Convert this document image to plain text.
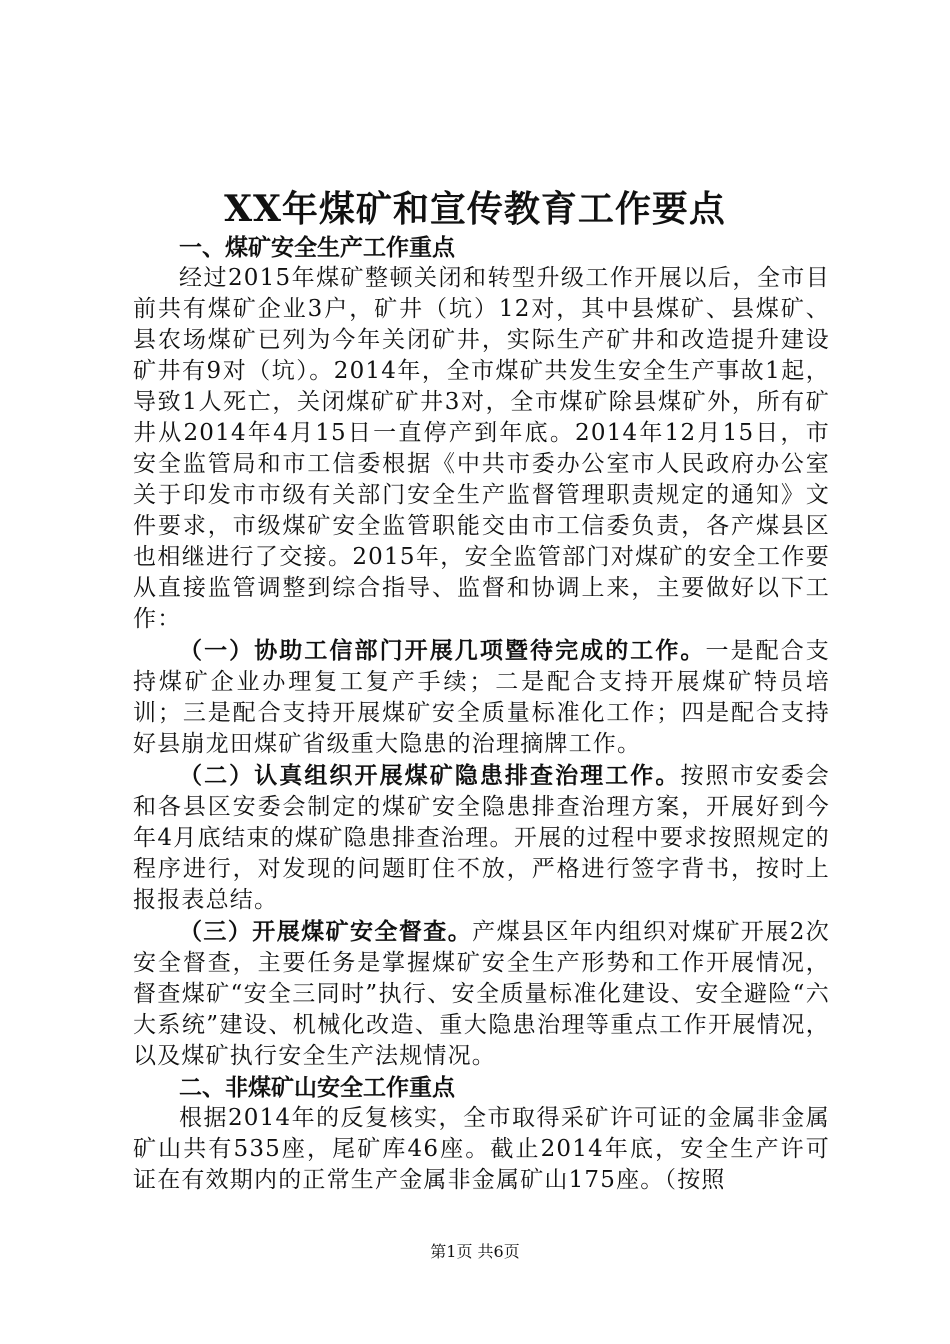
XX年煤矿和宣传教育工作要点

一、煤矿安全生产工作重点

经过2015年煤矿整顿关闭和转型升级工作开展以后，全市目前共有煤矿企业3户，矿井（坑）12对，其中县煤矿、县煤矿、县农场煤矿已列为今年关闭矿井，实际生产矿井和改造提升建设矿井有9对（坑）。2014年，全市煤矿共发生安全生产事故1起，导致1人死亡，关闭煤矿矿井3对，全市煤矿除县煤矿外，所有矿井从2014年4月15日一直停产到年底。2014年12月15日，市安全监管局和市工信委根据《中共市委办公室市人民政府办公室关于印发市市级有关部门安全生产监督管理职责规定的通知》文件要求，市级煤矿安全监管职能交由市工信委负责，各产煤县区也相继进行了交接。2015年，安全监管部门对煤矿的安全工作要从直接监管调整到综合指导、监督和协调上来，主要做好以下工作：

（一）协助工信部门开展几项暨待完成的工作。一是配合支持煤矿企业办理复工复产手续；二是配合支持开展煤矿特员培训；三是配合支持开展煤矿安全质量标准化工作；四是配合支持好县崩龙田煤矿省级重大隐患的治理摘牌工作。

（二）认真组织开展煤矿隐患排查治理工作。按照市安委会和各县区安委会制定的煤矿安全隐患排查治理方案，开展好到今年4月底结束的煤矿隐患排查治理。开展的过程中要求按照规定的程序进行，对发现的问题盯住不放，严格进行签字背书，按时上报报表总结。

（三）开展煤矿安全督查。产煤县区年内组织对煤矿开展2次安全督查，主要任务是掌握煤矿安全生产形势和工作开展情况，督查煤矿“安全三同时”执行、安全质量标准化建设、安全避险“六大系统”建设、机械化改造、重大隐患治理等重点工作开展情况，以及煤矿执行安全生产法规情况。

二、非煤矿山安全工作重点

根据2014年的反复核实，全市取得采矿许可证的金属非金属矿山共有535座，尾矿库46座。截止2014年底，安全生产许可证在有效期内的正常生产金属非金属矿山175座。（按照

第1页 共6页
